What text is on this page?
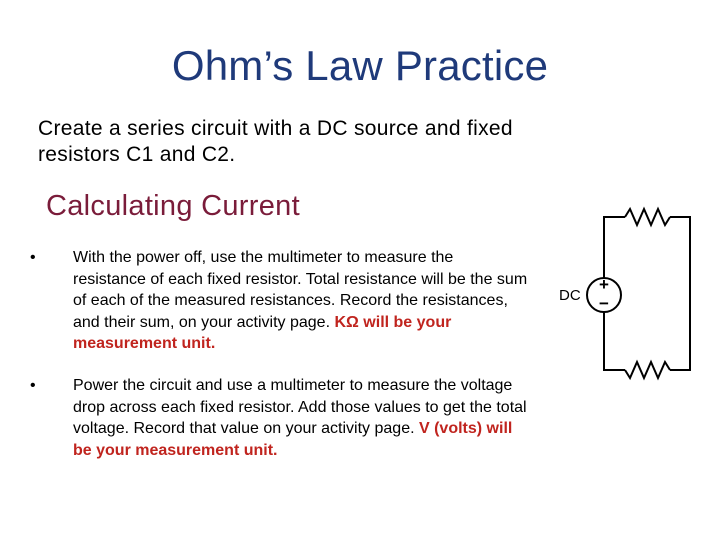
Ohm’s Law Practice
Create a series circuit with a DC source and fixed resistors C1 and C2.
Calculating Current
•	With the power off, use the multimeter to measure the resistance of each fixed resistor. Total resistance will be the sum of each of the measured resistances. Record the resistances, and their sum, on your activity page. KΩ will be your measurement unit.
•	Power the circuit and use a multimeter to measure the voltage drop across each fixed resistor. Add those values to get the total voltage. Record that value on your activity page. V (volts) will be your measurement unit.
+
−
DC
